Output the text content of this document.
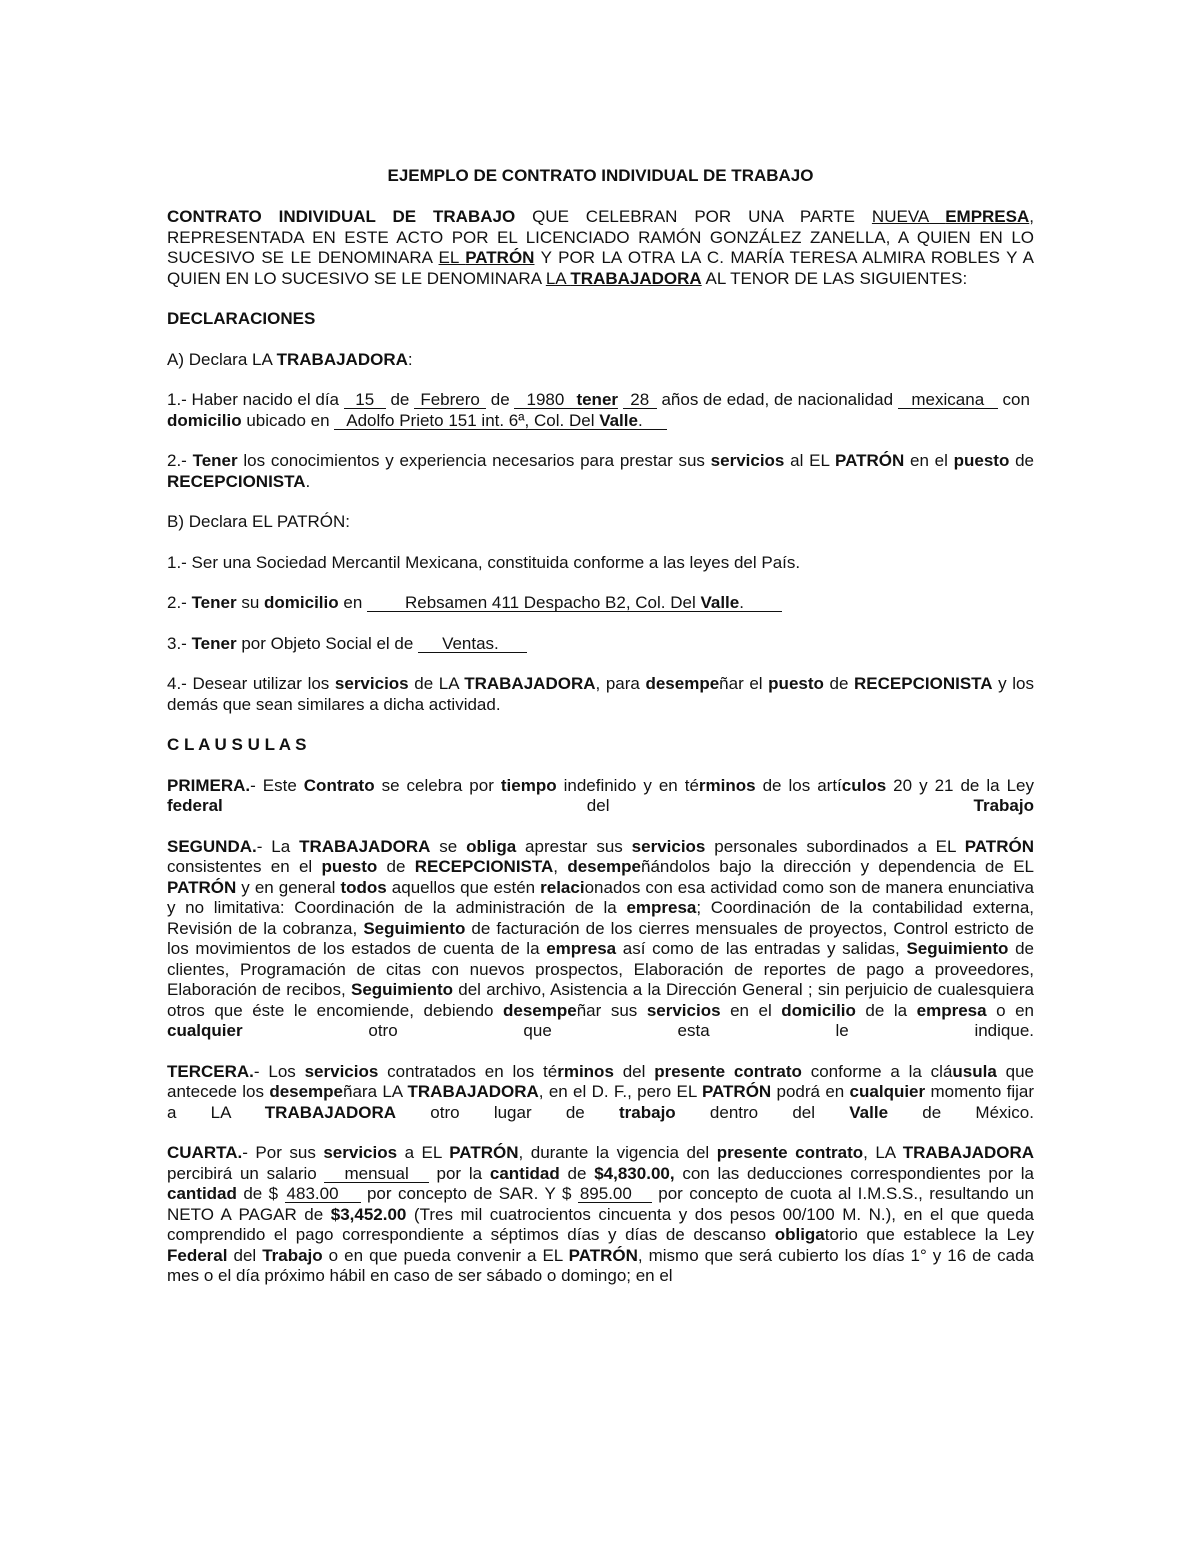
EJEMPLO DE CONTRATO INDIVIDUAL DE TRABAJO

CONTRATO INDIVIDUAL DE TRABAJO QUE CELEBRAN POR UNA PARTE NUEVA EMPRESA, REPRESENTADA EN ESTE ACTO POR EL LICENCIADO RAMÓN GONZÁLEZ ZANELLA, A QUIEN EN LO SUCESIVO SE LE DENOMINARA EL PATRÓN Y POR LA OTRA LA C. MARÍA TERESA ALMIRA ROBLES Y A QUIEN EN LO SUCESIVO SE LE DENOMINARA LA TRABAJADORA AL TENOR DE LAS SIGUIENTES:

DECLARACIONES

A) Declara LA TRABAJADORA:

1.- Haber nacido el día 15 de Febrero de 1980 tener 28 años de edad, de nacionalidad mexicana con domicilio ubicado en Adolfo Prieto 151 int. 6ª, Col. Del Valle.

2.- Tener los conocimientos y experiencia necesarios para prestar sus servicios al EL PATRÓN en el puesto de RECEPCIONISTA.

B) Declara EL PATRÓN:

1.- Ser una Sociedad Mercantil Mexicana, constituida conforme a las leyes del País.

2.- Tener su domicilio en Rebsamen 411 Despacho B2, Col. Del Valle.

3.- Tener por Objeto Social el de Ventas.

4.- Desear utilizar los servicios de LA TRABAJADORA, para desempeñar el puesto de RECEPCIONISTA y los demás que sean similares a dicha actividad.

C L A U S U L A S

PRIMERA.- Este Contrato se celebra por tiempo indefinido y en términos de los artículos 20 y 21 de la Ley

federal	del	Trabajo

SEGUNDA.- La TRABAJADORA se obliga aprestar sus servicios personales subordinados a EL PATRÓN consistentes en el puesto de RECEPCIONISTA, desempeñándolos bajo la dirección y dependencia de EL PATRÓN y en general todos aquellos que estén relacionados con esa actividad como son de manera enunciativa y no limitativa: Coordinación de la administración de la empresa; Coordinación de la contabilidad externa, Revisión de la cobranza, Seguimiento de facturación de los cierres mensuales de proyectos, Control estricto de los movimientos de los estados de cuenta de la empresa así como de las entradas y salidas, Seguimiento de clientes, Programación de citas con nuevos prospectos, Elaboración de reportes de pago a proveedores, Elaboración de recibos, Seguimiento del archivo, Asistencia a la Dirección General ; sin perjuicio de cualesquiera otros que éste le encomiende, debiendo desempeñar sus servicios en el domicilio de la empresa o en cualquier otro que esta le indique.

TERCERA.- Los servicios contratados en los términos del presente contrato conforme a la cláusula que antecede los desempeñara LA TRABAJADORA, en el D. F., pero EL PATRÓN podrá en cualquier momento fijar a LA TRABAJADORA otro lugar de trabajo dentro del Valle de México.

CUARTA.- Por sus servicios a EL PATRÓN, durante la vigencia del presente contrato, LA TRABAJADORA percibirá un salario mensual por la cantidad de $4,830.00, con las deducciones correspondientes por la cantidad de $ 483.00 por concepto de SAR. Y $ 895.00 por concepto de cuota al I.M.S.S., resultando un NETO A PAGAR de $3,452.00 (Tres mil cuatrocientos cincuenta y dos pesos 00/100 M. N.), en el que queda comprendido el pago correspondiente a séptimos días y días de descanso obligatorio que establece la Ley Federal del Trabajo o en que pueda convenir a EL PATRÓN, mismo que será cubierto los días 1° y 16 de cada mes o el día próximo hábil en caso de ser sábado o domingo; en el
